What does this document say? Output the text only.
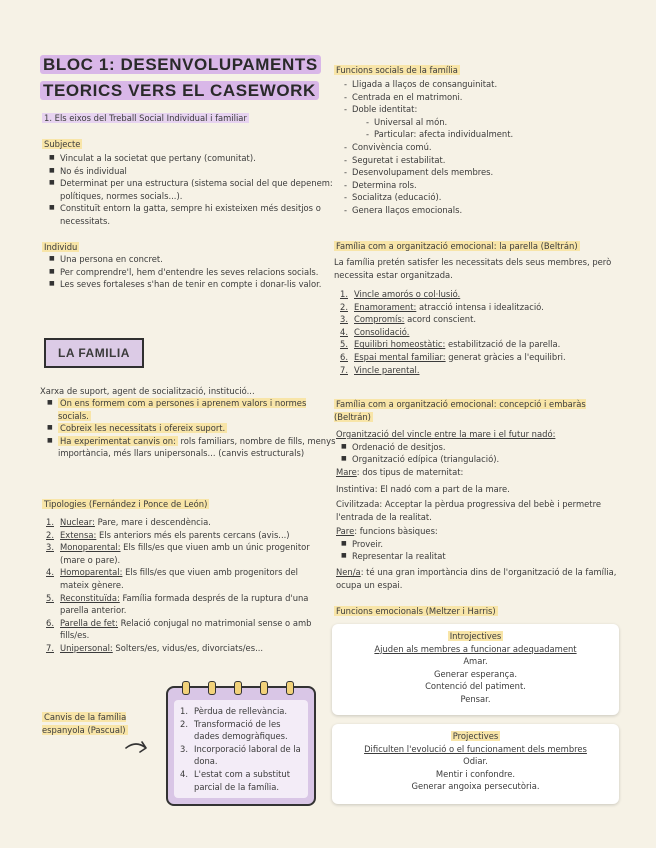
BLOC 1: DESENVOLUPAMENTS
TEORICS VERS EL CASEWORK
1. Els eixos del Treball Social Individual i familiar
Subjecte
■ Vinculat a la societat que pertany (comunitat).
■ No és individual
■ Determinat per una estructura (sistema social del que depenem: polítiques, normes socials...).
■ Constituït entorn la gatta, sempre hi existeixen més desitjos o necessitats.
Individu
■ Una persona en concret.
■ Per comprendre'l, hem d'entendre les seves relacions socials.
■ Les seves fortaleses s'han de tenir en compte i donar-lis valor.
LA FAMILIA
Xarxa de suport, agent de socialització, institució...
■ On ens formem com a persones i aprenem valors i normes socials.
■ Cobreix les necessitats i ofereix suport.
■ Ha experimentat canvis on: rols familiars, nombre de fills, menys importància, més llars unipersonals... (canvis estructurals)
Tipologies (Fernández i Ponce de León)
1. Nuclear: Pare, mare i descendència.
2. Extensa: Els anteriors més els parents cercans (avis...)
3. Monoparental: Els fills/es que viuen amb un únic progenitor (mare o pare).
4. Homoparental: Els fills/es que viuen amb progenitors del mateix gènere.
5. Reconstituïda: Família formada després de la ruptura d'una parella anterior.
6. Parella de fet: Relació conjugal no matrimonial sense o amb fills/es.
7. Unipersonal: Solters/es, vidus/es, divorciats/es...
Canvis de la família espanyola (Pascual)
1. Pèrdua de rellevància.
2. Transformació de les dades demogràfiques.
3. Incorporació laboral de la dona.
4. L'estat com a substitut parcial de la família.
Funcions socials de la família
- Lligada a llaços de consanguinitat.
- Centrada en el matrimoni.
- Doble identitat:
- Universal al món.
- Particular: afecta individualment.
- Convivència comú.
- Seguretat i estabilitat.
- Desenvolupament dels membres.
- Determina rols.
- Socialitza (educació).
- Genera llaços emocionals.
Família com a organització emocional: la parella (Beltrán)
La família pretén satisfer les necessitats dels seus membres, però necessita estar organitzada.
1. Vincle amorós o col·lusió.
2. Enamorament: atracció intensa i idealització.
3. Compromís: acord conscient.
4. Consolidació.
5. Equilibri homeostàtic: estabilització de la parella.
6. Espai mental familiar: generat gràcies a l'equilibri.
7. Vincle parental.
Família com a organització emocional: concepció i embaràs (Beltrán)
Organització del vincle entre la mare i el futur nadó:
■ Ordenació de desitjos.
■ Organització edípica (triangulació).
Mare: dos tipus de maternitat:
Instintiva: El nadó com a part de la mare.
Civilitzada: Acceptar la pèrdua progressiva del bebè i permetre l'entrada de la realitat.
Pare: funcions bàsiques:
■ Proveir.
■ Representar la realitat
Nen/a: té una gran importància dins de l'organització de la família, ocupa un espai.
Funcions emocionals (Meltzer i Harris)
Introjectives
Ajuden als membres a funcionar adequadament
Amar.
Generar esperança.
Contenció del patiment.
Pensar.
Projectives
Dificulten l'evolució o el funcionament dels membres
Odiar.
Mentir i confondre.
Generar angoixa persecutòria.
